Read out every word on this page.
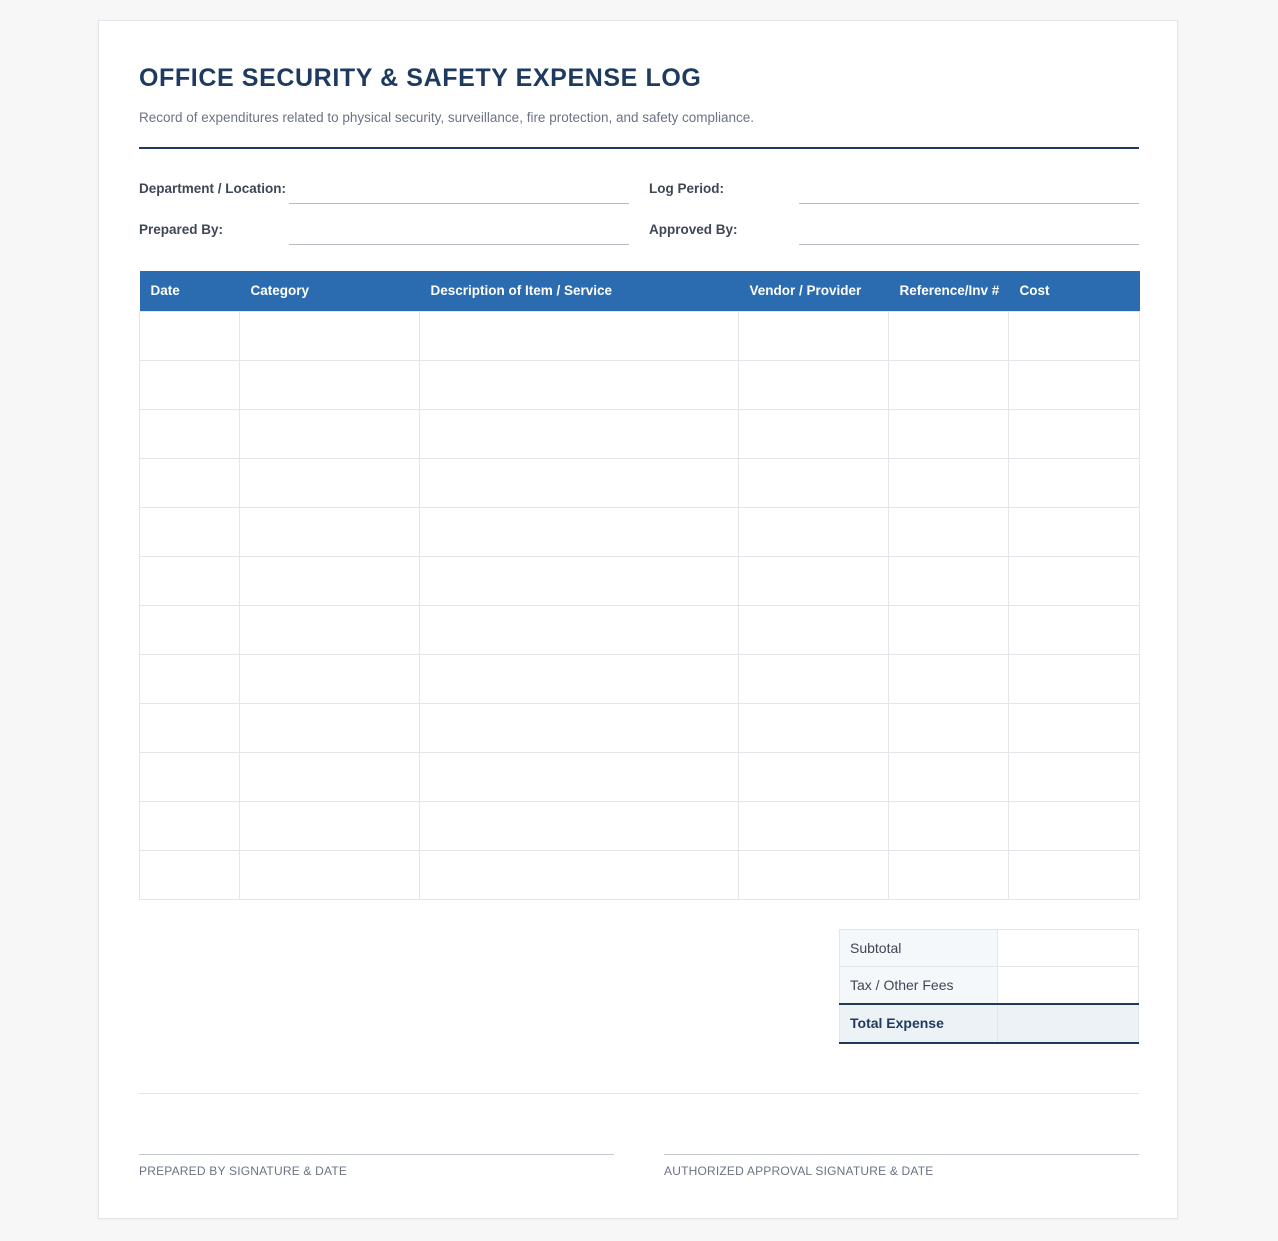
OFFICE SECURITY & SAFETY EXPENSE LOG
Record of expenditures related to physical security, surveillance, fire protection, and safety compliance.
Department / Location:	Log Period:
Prepared By:	Approved By:
Date	Category	Description of Item / Service	Vendor / Provider	Reference/Inv #	Cost

Subtotal	
Tax / Other Fees	
Total Expense	
PREPARED BY SIGNATURE & DATE	AUTHORIZED APPROVAL SIGNATURE & DATE
